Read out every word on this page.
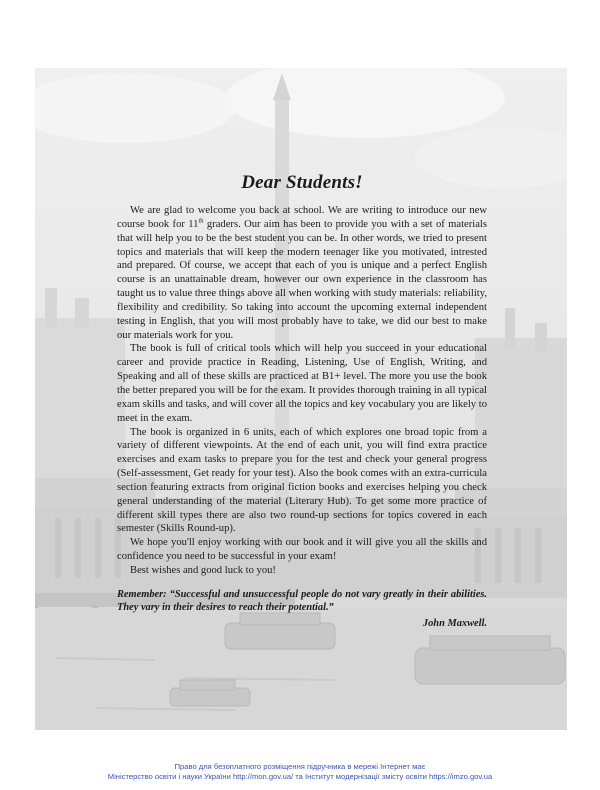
Dear Students!

We are glad to welcome you back at school. We are writing to introduce our new course book for 11th graders. Our aim has been to provide you with a set of materials that will help you to be the best student you can be. In other words, we tried to present topics and materials that will keep the modern teenager like you motivated, intrested and prepared. Of course, we accept that each of you is unique and a perfect English course is an unattainable dream, however our own experience in the classroom has taught us to value three things above all when working with study materials: reliability, flexibility and credibility. So taking into account the upcoming external independent testing in English, that you will most probably have to take, we did our best to make our materials work for you.

The book is full of critical tools which will help you succeed in your educational career and provide practice in Reading, Listening, Use of English, Writing, and Speaking and all of these skills are practiced at B1+ level. The more you use the book the better prepared you will be for the exam. It provides thorough training in all typical exam skills and tasks, and will cover all the topics and key vocabulary you are likely to meet in the exam.

The book is organized in 6 units, each of which explores one broad topic from a variety of different viewpoints. At the end of each unit, you will find extra practice exercises and exam tasks to prepare you for the test and check your general progress (Self-assessment, Get ready for your test). Also the book comes with an extra-curricula section featuring extracts from original fiction books and exercises helping you check general understanding of the material (Literary Hub). To get some more practice of different skill types there are also two round-up sections for topics covered in each semester (Skills Round-up).

We hope you'll enjoy working with our book and it will give you all the skills and confidence you need to be successful in your exam!

Best wishes and good luck to you!

Remember: “Successful and unsuccessful people do not vary greatly in their abilities. They vary in their desires to reach their potential.”
John Maxwell.
Право для безоплатного розміщення підручника в мережі Інтернет має
Міністерство освіти і науки України http://mon.gov.ua/ та Інститут модернізації змісту освіти https://imzo.gov.ua
